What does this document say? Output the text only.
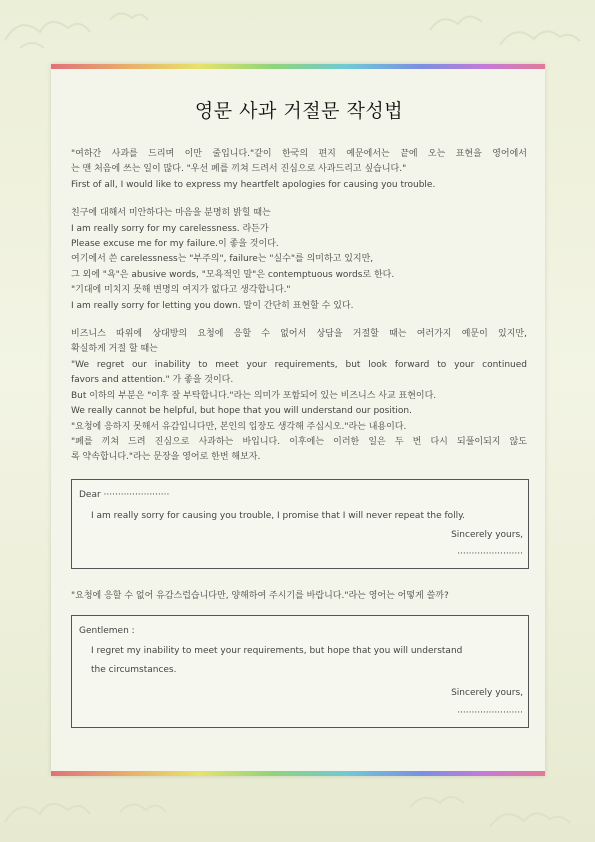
영문 사과 거절문 작성법
"여하간 사과를 드리며 이만 줄입니다."같이 한국의 편지 예문에서는 끝에 오는 표현을 영어에서
는 맨 처음에 쓰는 일이 많다. "우선 폐를 끼쳐 드려서 진심으로 사과드리고 싶습니다."
First of all, I would like to express my heartfelt apologies for causing you trouble.
친구에 대해서 미안하다는 마음을 분명히 밝힐 때는
I am really sorry for my carelessness. 라든가
Please excuse me for my failure.이 좋을 것이다.
여기에서 쓴 carelessness는 "부주의", failure는 "실수"를 의미하고 있지만,
그 외에 "욕"은 abusive words, "모욕적인 말"은 contemptuous words로 한다.
"기대에 미치지 못해 변명의 여지가 없다고 생각합니다."
I am really sorry for letting you down. 말이 간단히 표현할 수 있다.
비즈니스 따위에 상대방의 요청에 응할 수 없어서 상담을 거절할 때는 여러가지 예문이 있지만,
확실하게 거절 할 때는
"We regret our inability to meet your requirements, but look forward to your continued
favors and attention." 가 좋을 것이다.
But 이하의 부분은 "이후 잘 부탁합니다."라는 의미가 포함되어 있는 비즈니스 사교 표현이다.
We really cannot be helpful, but hope that you will understand our position.
"요청에 응하지 못해서 유감입니다만, 본인의 입장도 생각해 주십시오."라는 내용이다.
"폐를 끼쳐 드려 진심으로 사과하는 바입니다. 이후에는 이러한 일은 두 번 다시 되풀이되지 않도
록 약속합니다."라는 문장을 영어로 한번 해보자.
Dear ·······················
I am really sorry for causing you trouble, I promise that I will never repeat the folly.
Sincerely yours,
·······················
"요청에 응할 수 없어 유감스럽습니다만, 양해하여 주시기를 바랍니다."라는 영어는 어떻게 쓸까?
Gentlemen :
I regret my inability to meet your requirements, but hope that you will understand
the circumstances.
Sincerely yours,
·······················
